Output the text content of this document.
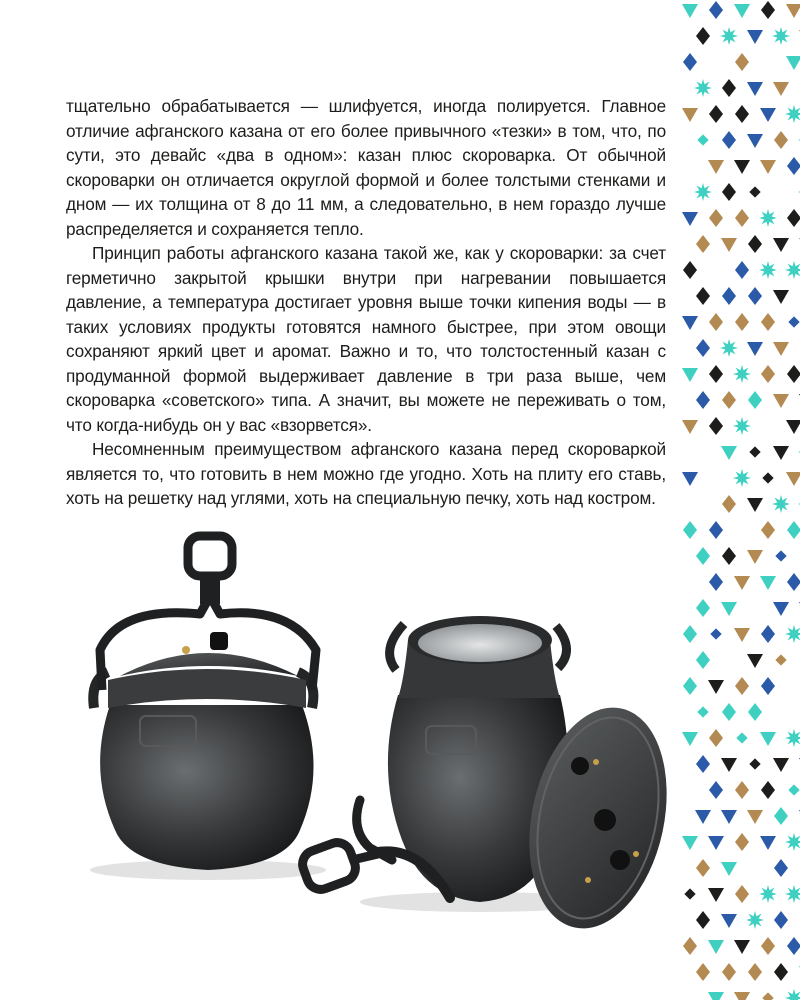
тщательно обрабатывается — шлифуется, иногда полируется. Главное отличие афганского казана от его более привычного «тезки» в том, что, по сути, это девайс «два в одном»: казан плюс скороварка. От обычной скороварки он отличается округлой формой и более толстыми стенками и дном — их толщина от 8 до 11 мм, а следовательно, в нем гораздо лучше распределяется и сохраняется тепло.

Принцип работы афганского казана такой же, как у скороварки: за счет герметично закрытой крышки внутри при нагревании повышается давление, а температура достигает уровня выше точки кипения воды — в таких условиях продукты готовятся намного быстрее, при этом овощи сохраняют яркий цвет и аромат. Важно и то, что толстостенный казан с продуманной формой выдерживает давление в три раза выше, чем скороварка «советского» типа. А значит, вы можете не переживать о том, что когда-нибудь он у вас «взорвется».

Несомненным преимуществом афганского казана перед скороваркой является то, что готовить в нем можно где угодно. Хоть на плиту его ставь, хоть на решетку над углями, хоть на специальную печку, хоть над костром.
